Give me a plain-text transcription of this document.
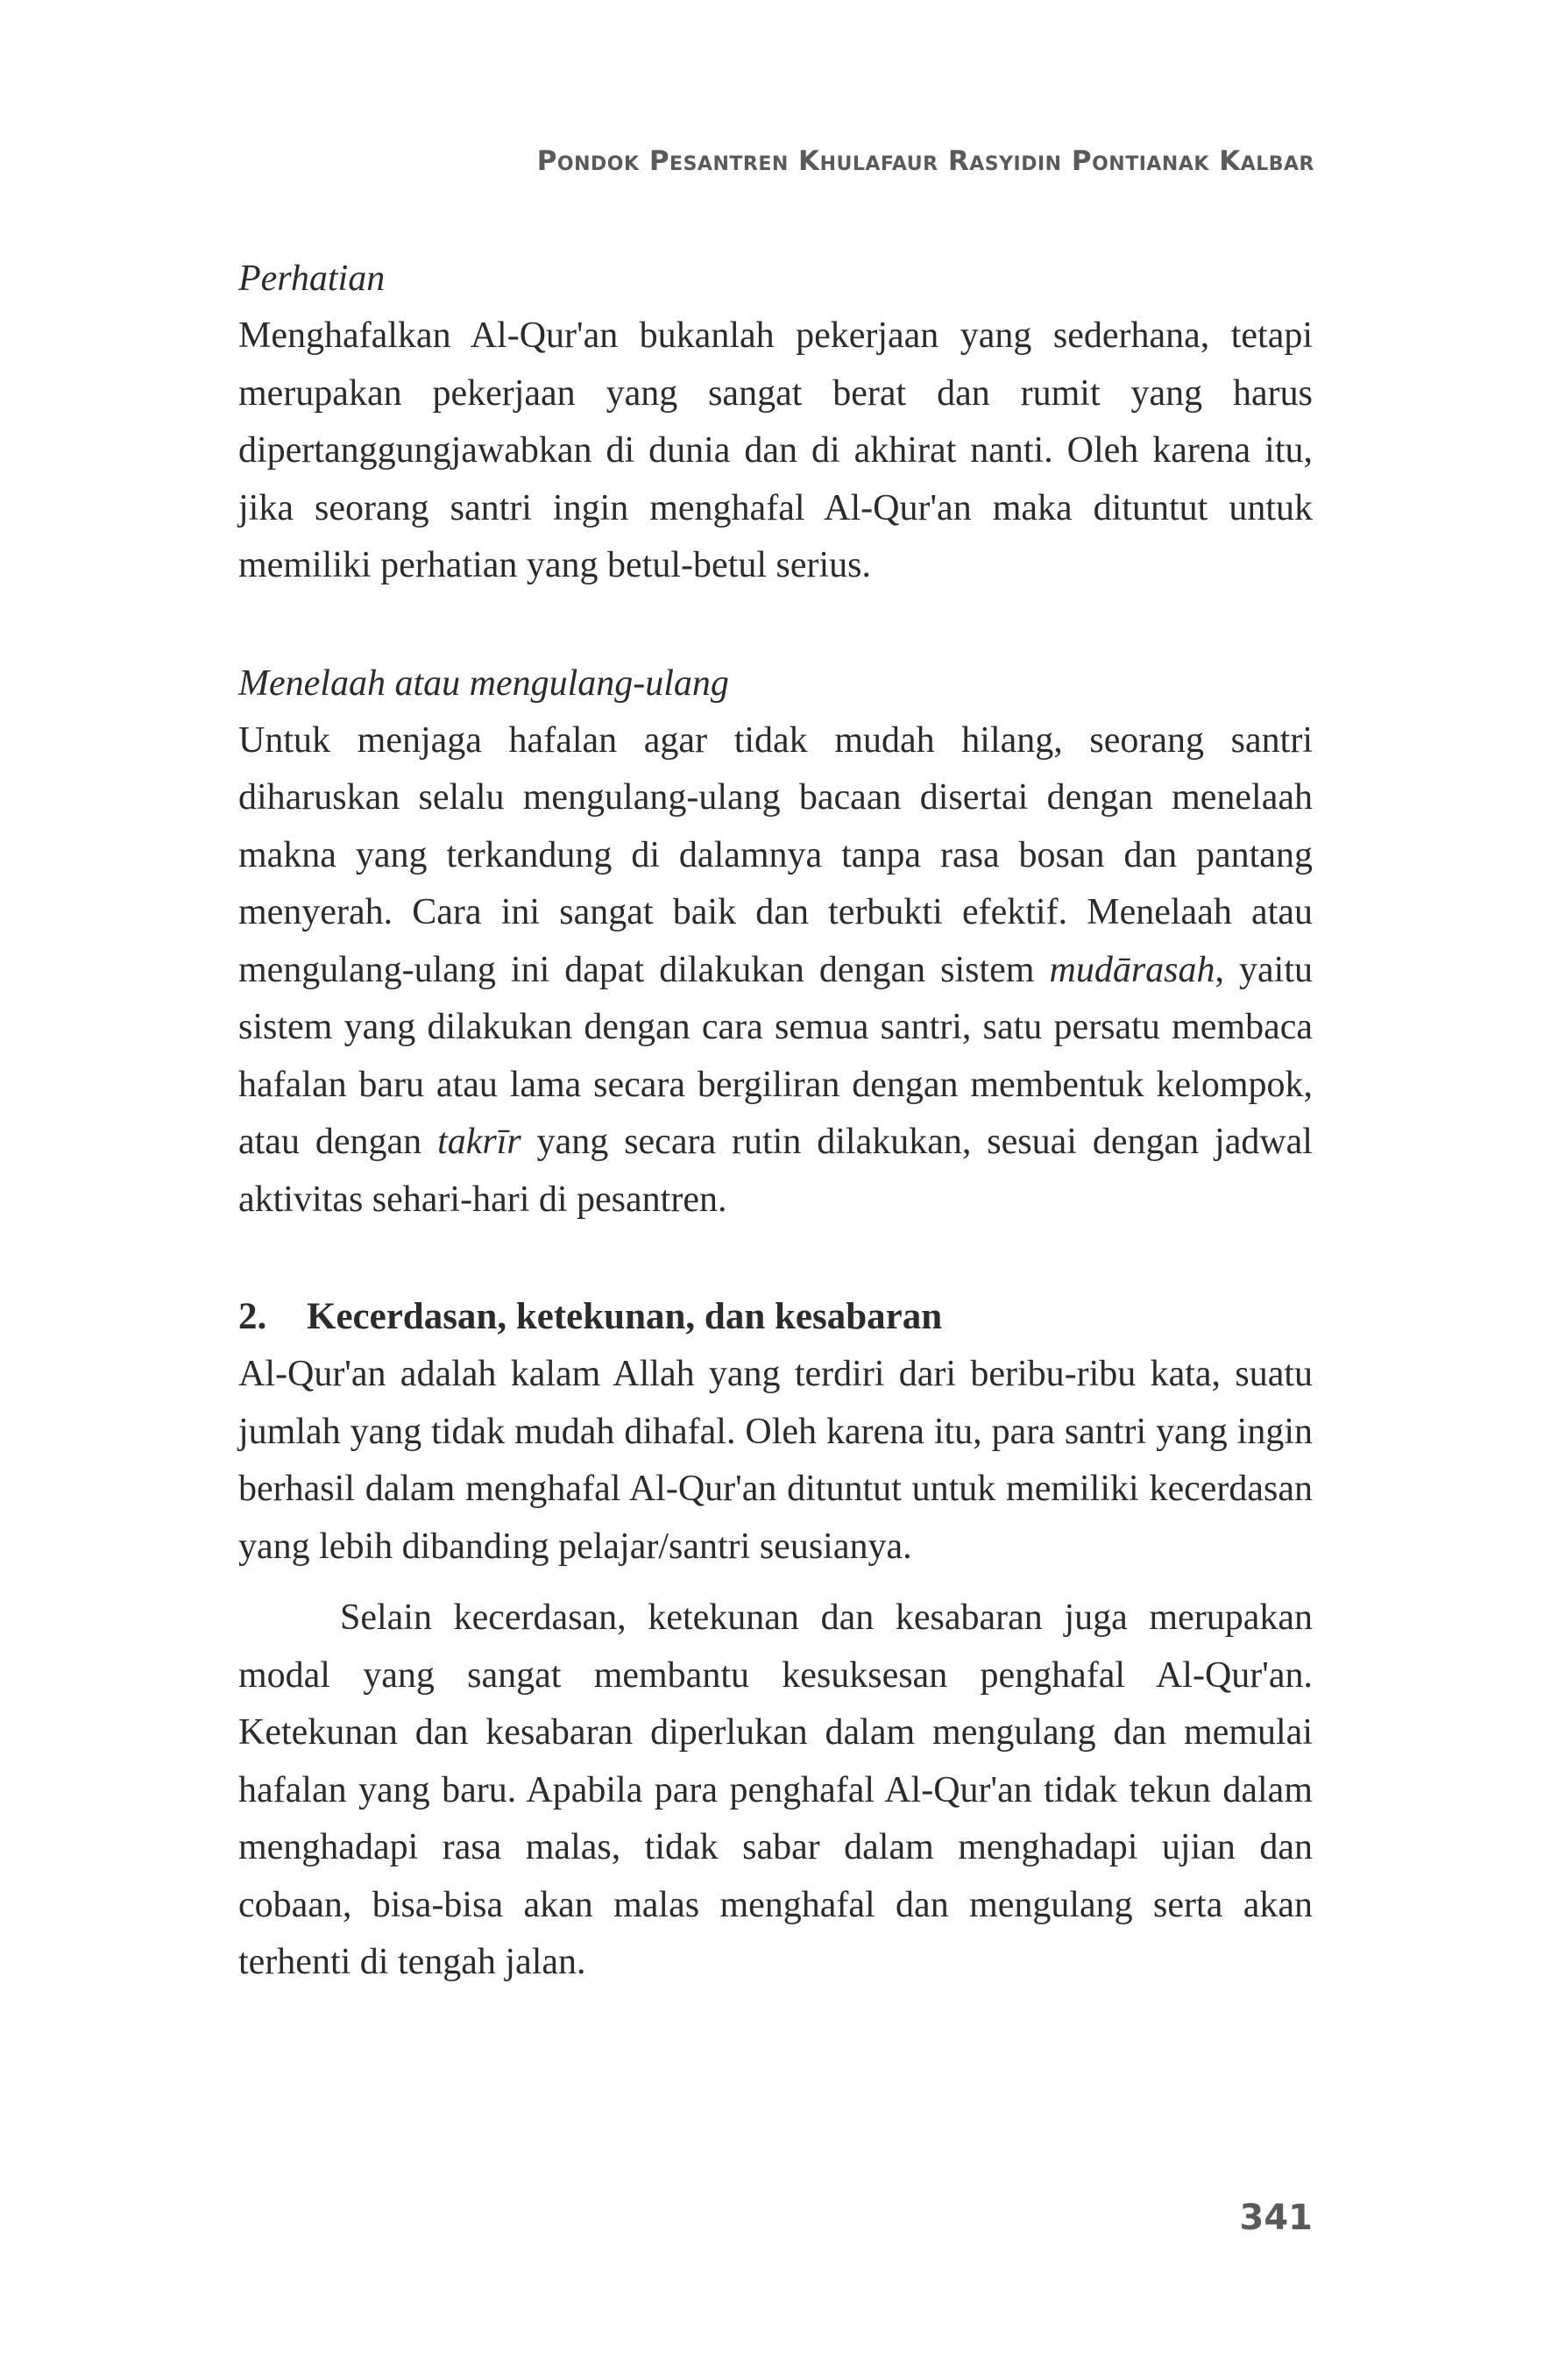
Pondok Pesantren Khulafaur Rasyidin Pontianak Kalbar

Perhatian

Menghafalkan Al-Qur'an bukanlah pekerjaan yang sederhana, tetapi merupakan pekerjaan yang sangat berat dan rumit yang harus dipertanggungjawabkan di dunia dan di akhirat nanti. Oleh karena itu, jika seorang santri ingin menghafal Al-Qur'an maka dituntut untuk memiliki perhatian yang betul-betul serius.

Menelaah atau mengulang-ulang

Untuk menjaga hafalan agar tidak mudah hilang, seorang santri diharuskan selalu mengulang-ulang bacaan disertai dengan menelaah makna yang terkandung di dalamnya tanpa rasa bosan dan pantang menyerah. Cara ini sangat baik dan terbukti efektif. Menelaah atau mengulang-ulang ini dapat dilakukan dengan sistem mudārasah, yaitu sistem yang dilakukan dengan cara semua santri, satu persatu membaca hafalan baru atau lama secara bergiliran dengan membentuk kelompok, atau dengan takrīr yang secara rutin dilakukan, sesuai dengan jadwal aktivitas sehari-hari di pesantren.

2.	Kecerdasan, ketekunan, dan kesabaran

Al-Qur'an adalah kalam Allah yang terdiri dari beribu-ribu kata, suatu jumlah yang tidak mudah dihafal. Oleh karena itu, para santri yang ingin berhasil dalam menghafal Al-Qur'an dituntut untuk memiliki kecerdasan yang lebih dibanding pelajar/santri seusianya.

Selain kecerdasan, ketekunan dan kesabaran juga merupakan modal yang sangat membantu kesuksesan penghafal Al-Qur'an. Ketekunan dan kesabaran diperlukan dalam mengulang dan memulai hafalan yang baru. Apabila para penghafal Al-Qur'an tidak tekun dalam menghadapi rasa malas, tidak sabar dalam menghadapi ujian dan cobaan, bisa-bisa akan malas menghafal dan mengulang serta akan terhenti di tengah jalan.

341
